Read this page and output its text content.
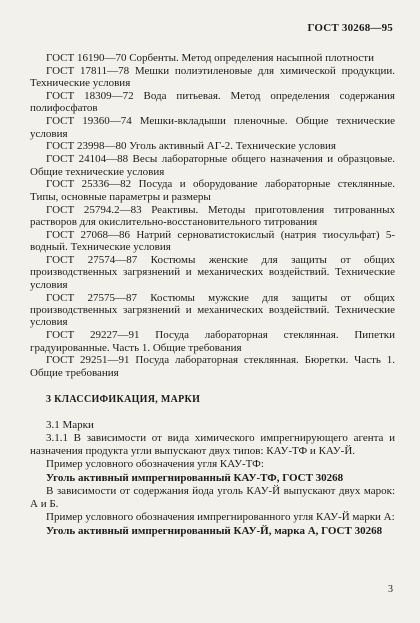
ГОСТ 30268—95

ГОСТ 16190—70 Сорбенты. Метод определения насыпной плотности

ГОСТ 17811—78 Мешки полиэтиленовые для химической продукции. Технические условия

ГОСТ 18309—72 Вода питьевая. Метод определения содержания полифосфатов

ГОСТ 19360—74 Мешки-вкладыши пленочные. Общие технические условия

ГОСТ 23998—80 Уголь активный АГ-2. Технические условия

ГОСТ 24104—88 Весы лабораторные общего назначения и образцовые. Общие технические условия

ГОСТ 25336—82 Посуда и оборудование лабораторные стеклянные. Типы, основные параметры и размеры

ГОСТ 25794.2—83 Реактивы. Методы приготовления титрованных растворов для окислительно-восстановительного титрования

ГОСТ 27068—86 Натрий серноватистокислый (натрия тиосульфат) 5-водный. Технические условия

ГОСТ 27574—87 Костюмы женские для защиты от общих производственных загрязнений и механических воздействий. Технические условия

ГОСТ 27575—87 Костюмы мужские для защиты от общих производственных загрязнений и механических воздействий. Технические условия

ГОСТ 29227—91 Посуда лабораторная стеклянная. Пипетки градуированные. Часть 1. Общие требования

ГОСТ 29251—91 Посуда лабораторная стеклянная. Бюретки. Часть 1. Общие требования

3 КЛАССИФИКАЦИЯ, МАРКИ

3.1 Марки

3.1.1 В зависимости от вида химического импрегнирующего агента и назначения продукта угли выпускают двух типов: КАУ-ТФ и КАУ-Й.

Пример условного обозначения угля КАУ-ТФ:

Уголь активный импрегнированный КАУ-ТФ, ГОСТ 30268

В зависимости от содержания йода уголь КАУ-Й выпускают двух марок: А и Б.

Пример условного обозначения импрегнированного угля КАУ-Й марки А:

Уголь активный импрегнированный КАУ-Й, марка А, ГОСТ 30268

3
